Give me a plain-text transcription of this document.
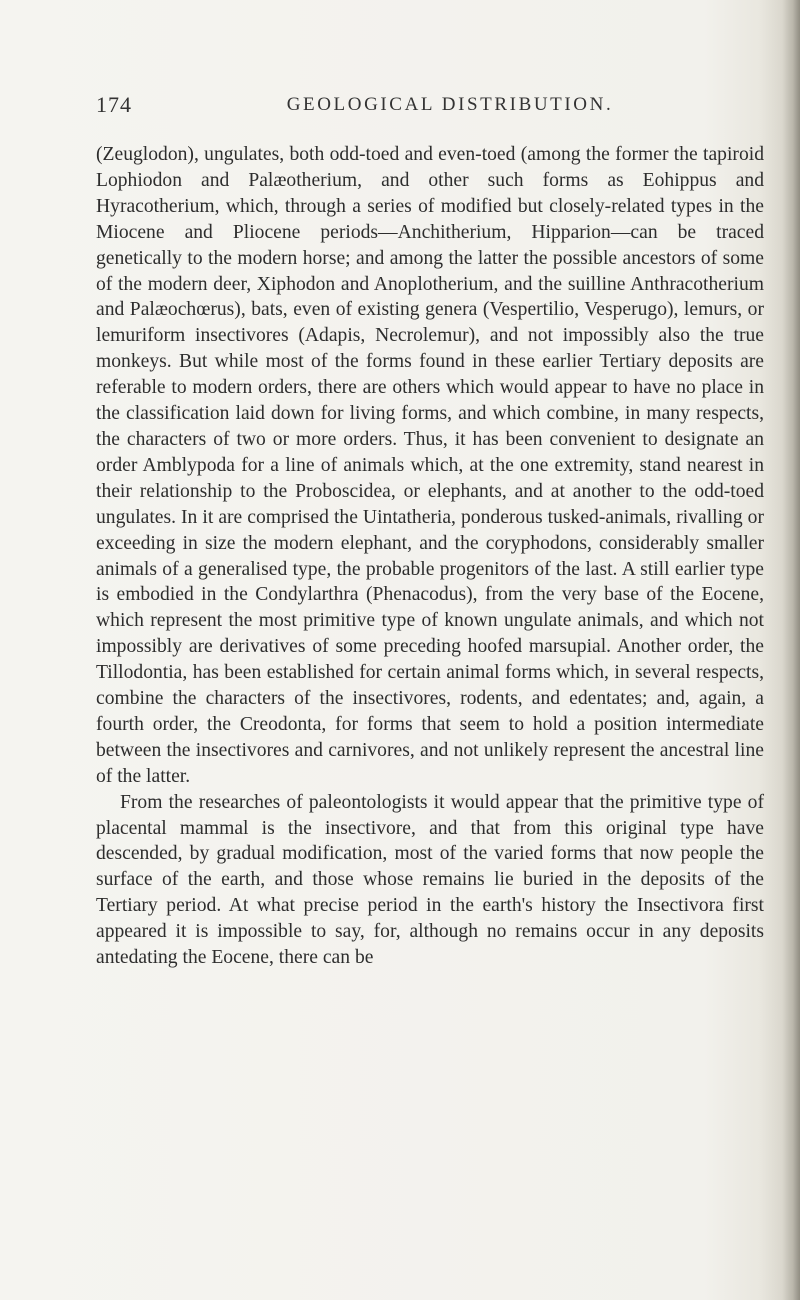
174	GEOLOGICAL DISTRIBUTION.

(Zeuglodon), ungulates, both odd-toed and even-toed (among the former the tapiroid Lophiodon and Palæotherium, and other such forms as Eohippus and Hyracotherium, which, through a series of modified but closely-related types in the Miocene and Pliocene periods—Anchitherium, Hipparion—can be traced genetically to the modern horse; and among the latter the possible ancestors of some of the modern deer, Xiphodon and Anoplotherium, and the suilline Anthracotherium and Palæochœrus), bats, even of existing genera (Vespertilio, Vesperugo), lemurs, or lemuriform insectivores (Adapis, Necrolemur), and not impossibly also the true monkeys. But while most of the forms found in these earlier Tertiary deposits are referable to modern orders, there are others which would appear to have no place in the classification laid down for living forms, and which combine, in many respects, the characters of two or more orders. Thus, it has been convenient to designate an order Amblypoda for a line of animals which, at the one extremity, stand nearest in their relationship to the Proboscidea, or elephants, and at another to the odd-toed ungulates. In it are comprised the Uintatheria, ponderous tusked-animals, rivalling or exceeding in size the modern elephant, and the coryphodons, considerably smaller animals of a generalised type, the probable progenitors of the last. A still earlier type is embodied in the Condylarthra (Phenacodus), from the very base of the Eocene, which represent the most primitive type of known ungulate animals, and which not impossibly are derivatives of some preceding hoofed marsupial. Another order, the Tillodontia, has been established for certain animal forms which, in several respects, combine the characters of the insectivores, rodents, and edentates; and, again, a fourth order, the Creodonta, for forms that seem to hold a position intermediate between the insectivores and carnivores, and not unlikely represent the ancestral line of the latter.

From the researches of paleontologists it would appear that the primitive type of placental mammal is the insectivore, and that from this original type have descended, by gradual modification, most of the varied forms that now people the surface of the earth, and those whose remains lie buried in the deposits of the Tertiary period. At what precise period in the earth's history the Insectivora first appeared it is impossible to say, for, although no remains occur in any deposits antedating the Eocene, there can be
